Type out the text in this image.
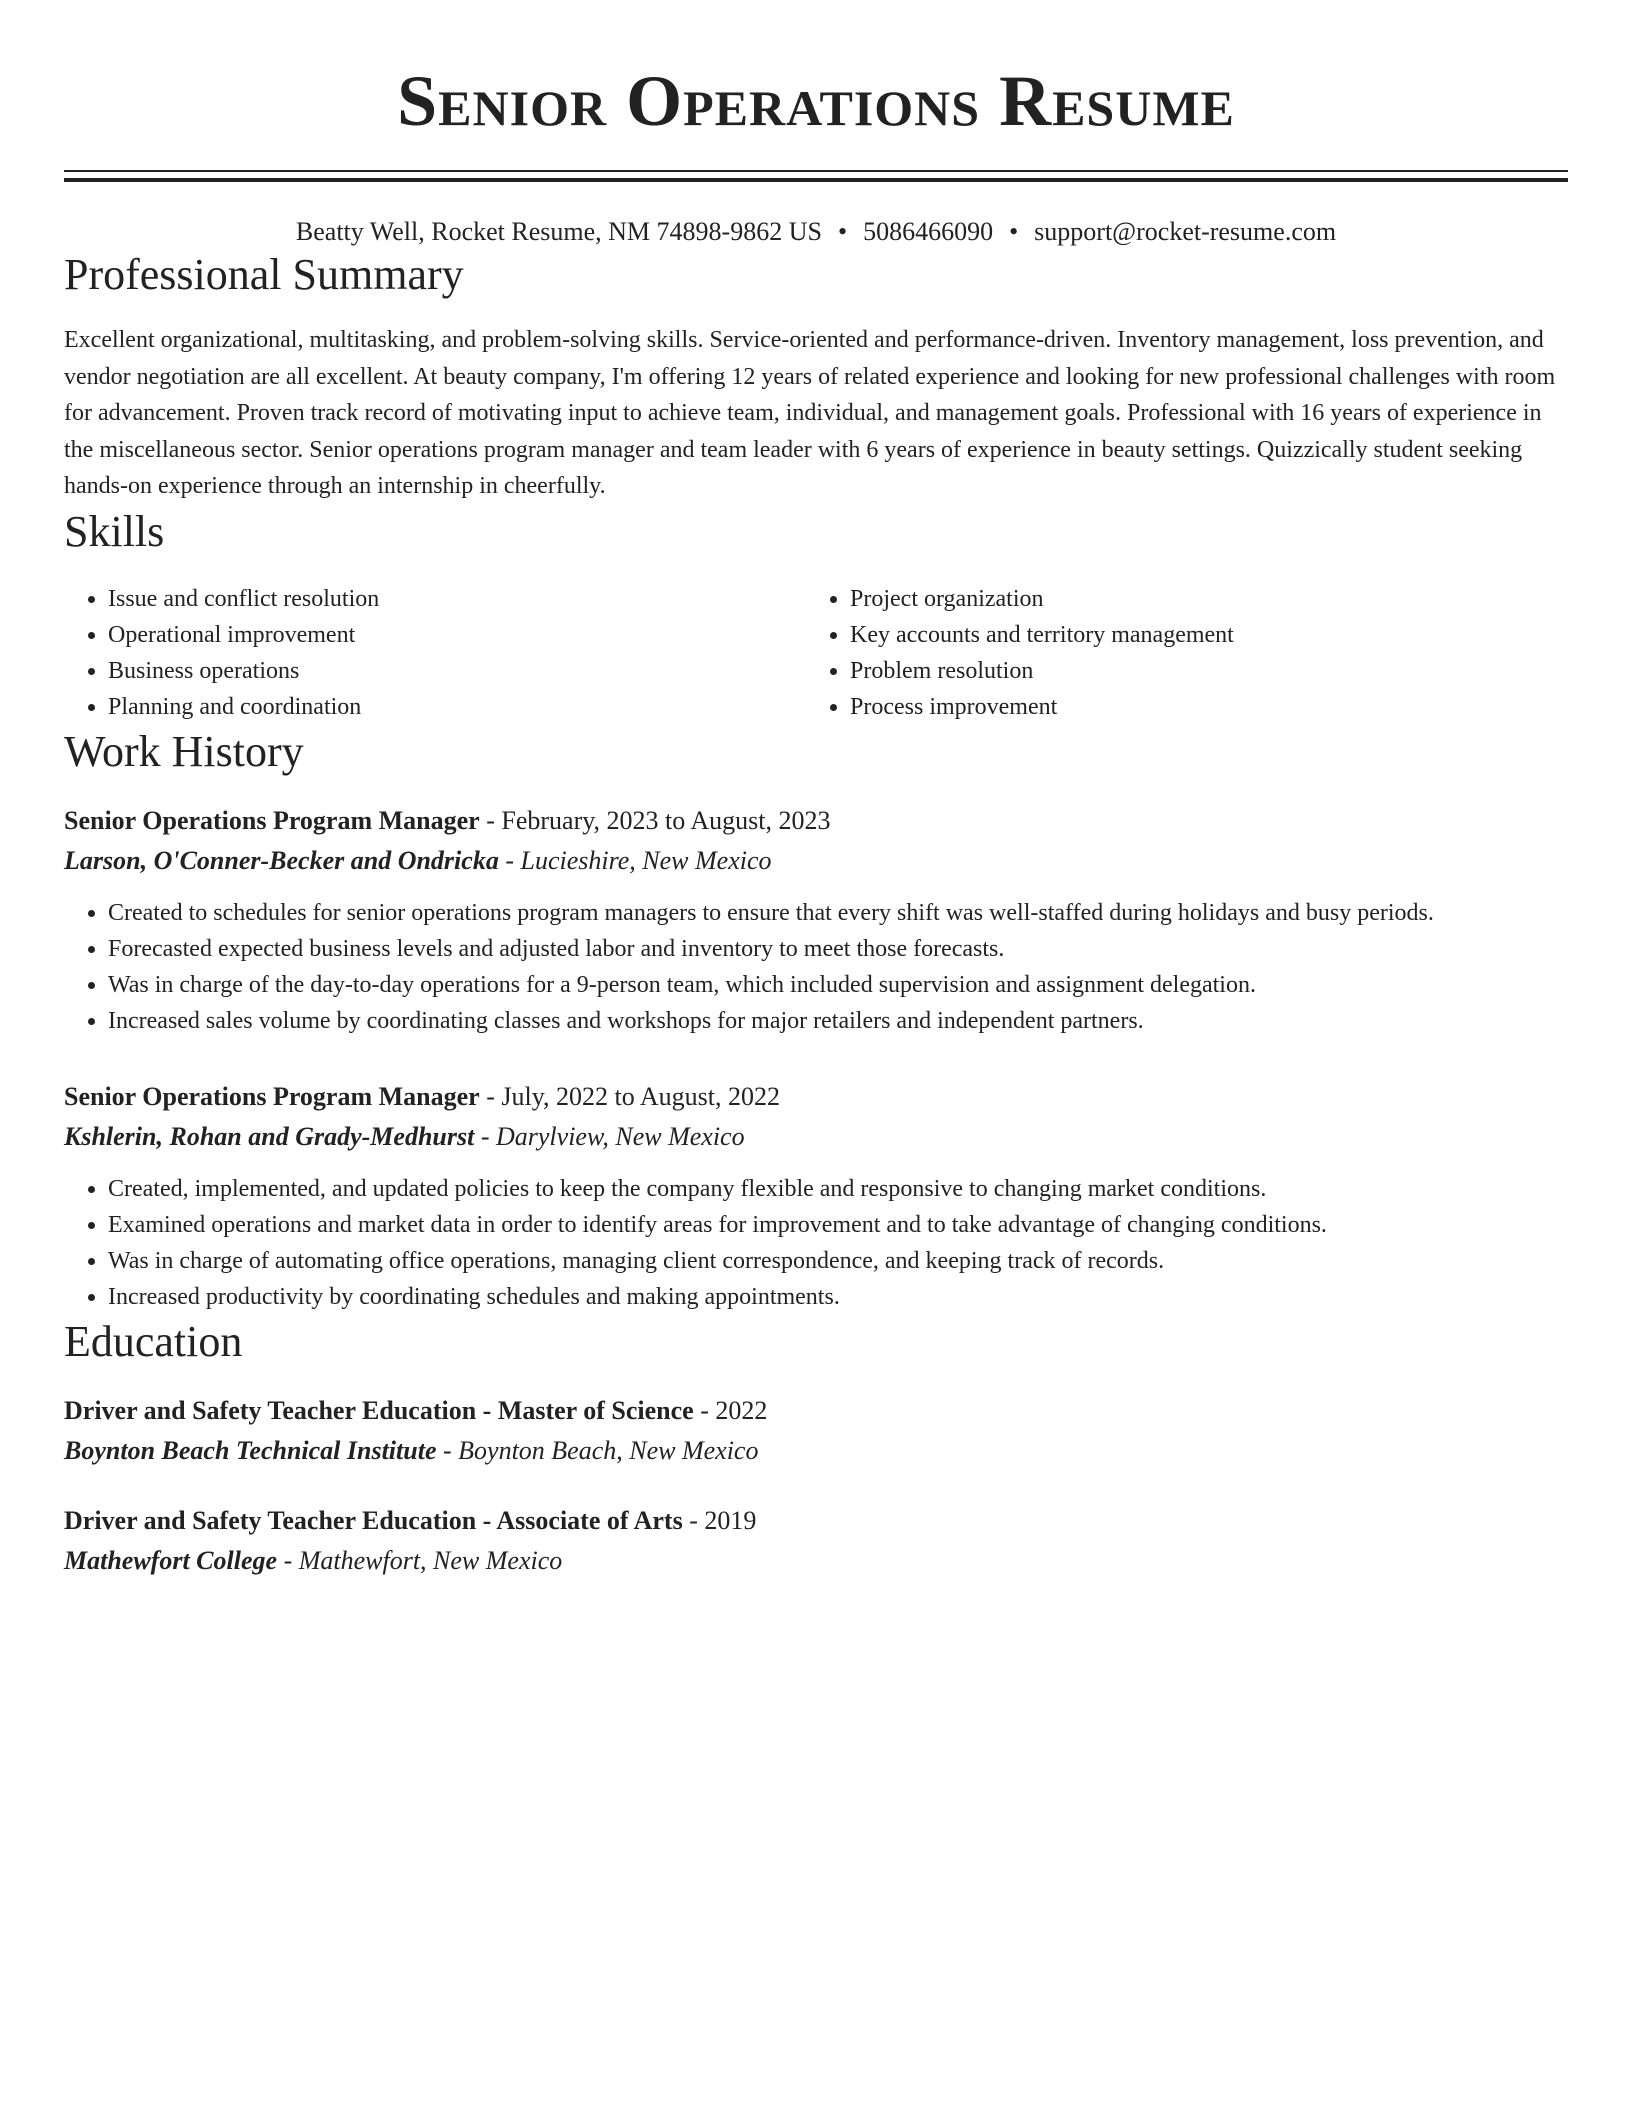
Senior Operations Resume
Beatty Well, Rocket Resume, NM 74898-9862 US • 5086466090 • support@rocket-resume.com
Professional Summary
Excellent organizational, multitasking, and problem-solving skills. Service-oriented and performance-driven. Inventory management, loss prevention, and vendor negotiation are all excellent. At beauty company, I'm offering 12 years of related experience and looking for new professional challenges with room for advancement. Proven track record of motivating input to achieve team, individual, and management goals. Professional with 16 years of experience in the miscellaneous sector. Senior operations program manager and team leader with 6 years of experience in beauty settings. Quizzically student seeking hands-on experience through an internship in cheerfully.
Skills
• Issue and conflict resolution
• Operational improvement
• Business operations
• Planning and coordination
• Project organization
• Key accounts and territory management
• Problem resolution
• Process improvement
Work History
Senior Operations Program Manager - February, 2023 to August, 2023
Larson, O'Conner-Becker and Ondricka - Lucieshire, New Mexico
• Created to schedules for senior operations program managers to ensure that every shift was well-staffed during holidays and busy periods.
• Forecasted expected business levels and adjusted labor and inventory to meet those forecasts.
• Was in charge of the day-to-day operations for a 9-person team, which included supervision and assignment delegation.
• Increased sales volume by coordinating classes and workshops for major retailers and independent partners.
Senior Operations Program Manager - July, 2022 to August, 2022
Kshlerin, Rohan and Grady-Medhurst - Darylview, New Mexico
• Created, implemented, and updated policies to keep the company flexible and responsive to changing market conditions.
• Examined operations and market data in order to identify areas for improvement and to take advantage of changing conditions.
• Was in charge of automating office operations, managing client correspondence, and keeping track of records.
• Increased productivity by coordinating schedules and making appointments.
Education
Driver and Safety Teacher Education - Master of Science - 2022
Boynton Beach Technical Institute - Boynton Beach, New Mexico
Driver and Safety Teacher Education - Associate of Arts - 2019
Mathewfort College - Mathewfort, New Mexico
